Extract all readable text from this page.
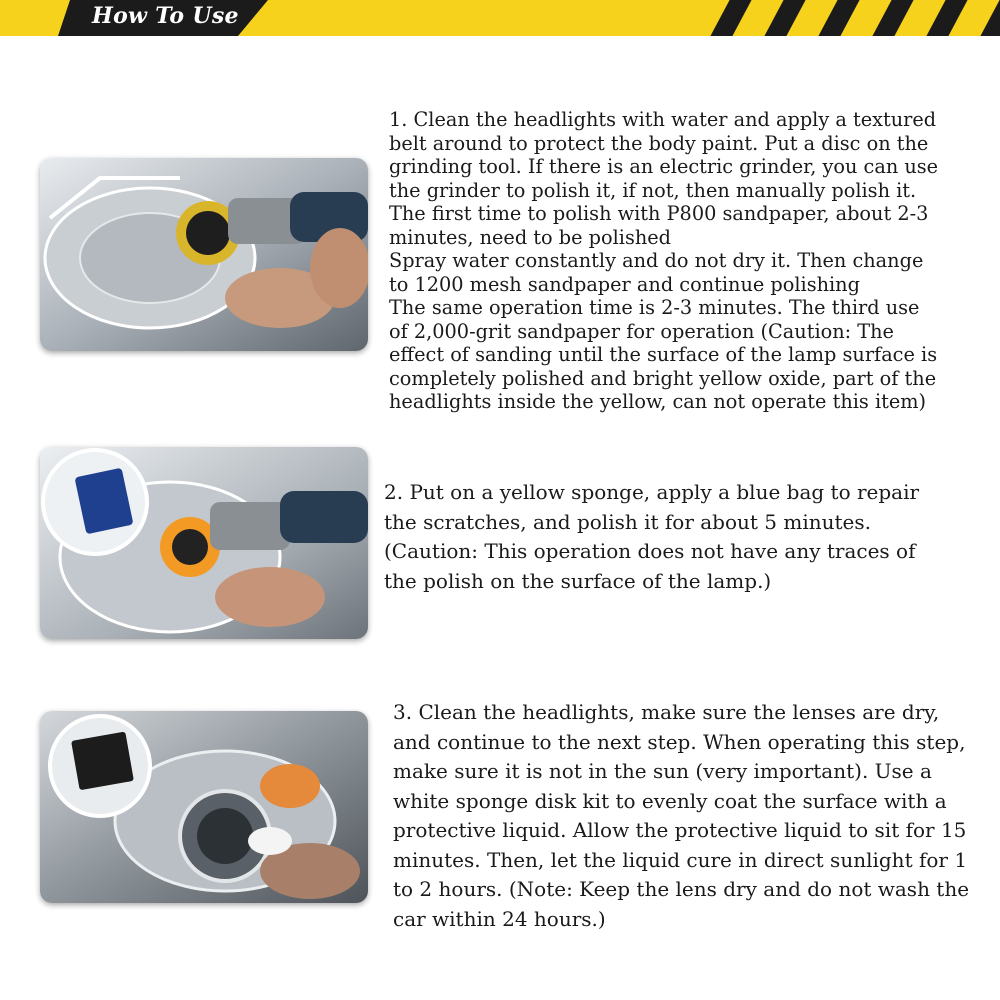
How To Use
1. Clean the headlights with water and apply a textured
belt around to protect the body paint. Put a disc on the
grinding tool. If there is an electric grinder, you can use
the grinder to polish it, if not, then manually polish it.
The first time to polish with P800 sandpaper, about 2-3
minutes, need to be polished
Spray water constantly and do not dry it. Then change
to 1200 mesh sandpaper and continue polishing
The same operation time is 2-3 minutes. The third use
of 2,000-grit sandpaper for operation (Caution: The
effect of sanding until the surface of the lamp surface is
completely polished and bright yellow oxide, part of the
headlights inside the yellow, can not operate this item)
2. Put on a yellow sponge, apply a blue bag to repair
the scratches, and polish it for about 5 minutes.
(Caution: This operation does not have any traces of
the polish on the surface of the lamp.)
3. Clean the headlights, make sure the lenses are dry,
and continue to the next step. When operating this step,
make sure it is not in the sun (very important). Use a
white sponge disk kit to evenly coat the surface with a
protective liquid. Allow the protective liquid to sit for 15
minutes. Then, let the liquid cure in direct sunlight for 1
to 2 hours. (Note: Keep the lens dry and do not wash the
car within 24 hours.)
